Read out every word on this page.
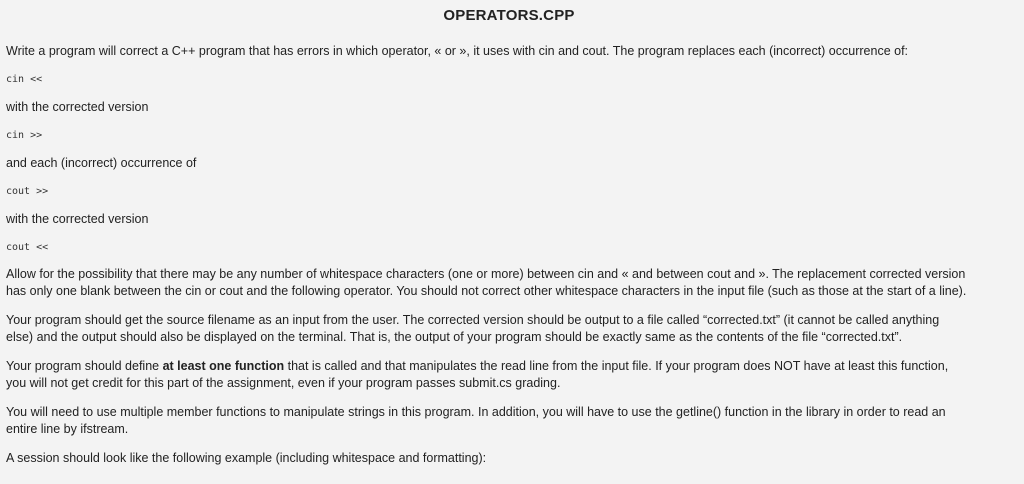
OPERATORS.CPP

Write a program will correct a C++ program that has errors in which operator, « or », it uses with cin and cout. The program replaces each (incorrect) occurrence of:

cin <<

with the corrected version

cin >>

and each (incorrect) occurrence of

cout >>

with the corrected version

cout <<

Allow for the possibility that there may be any number of whitespace characters (one or more) between cin and « and between cout and ». The replacement corrected version
has only one blank between the cin or cout and the following operator. You should not correct other whitespace characters in the input file (such as those at the start of a line).
Your program should get the source filename as an input from the user. The corrected version should be output to a file called “corrected.txt” (it cannot be called anything
else) and the output should also be displayed on the terminal. That is, the output of your program should be exactly same as the contents of the file “corrected.txt”.
Your program should define at least one function that is called and that manipulates the read line from the input file. If your program does NOT have at least this function,
you will not get credit for this part of the assignment, even if your program passes submit.cs grading.
You will need to use multiple member functions to manipulate strings in this program. In addition, you will have to use the getline() function in the library in order to read an
entire line by ifstream.

A session should look like the following example (including whitespace and formatting):
